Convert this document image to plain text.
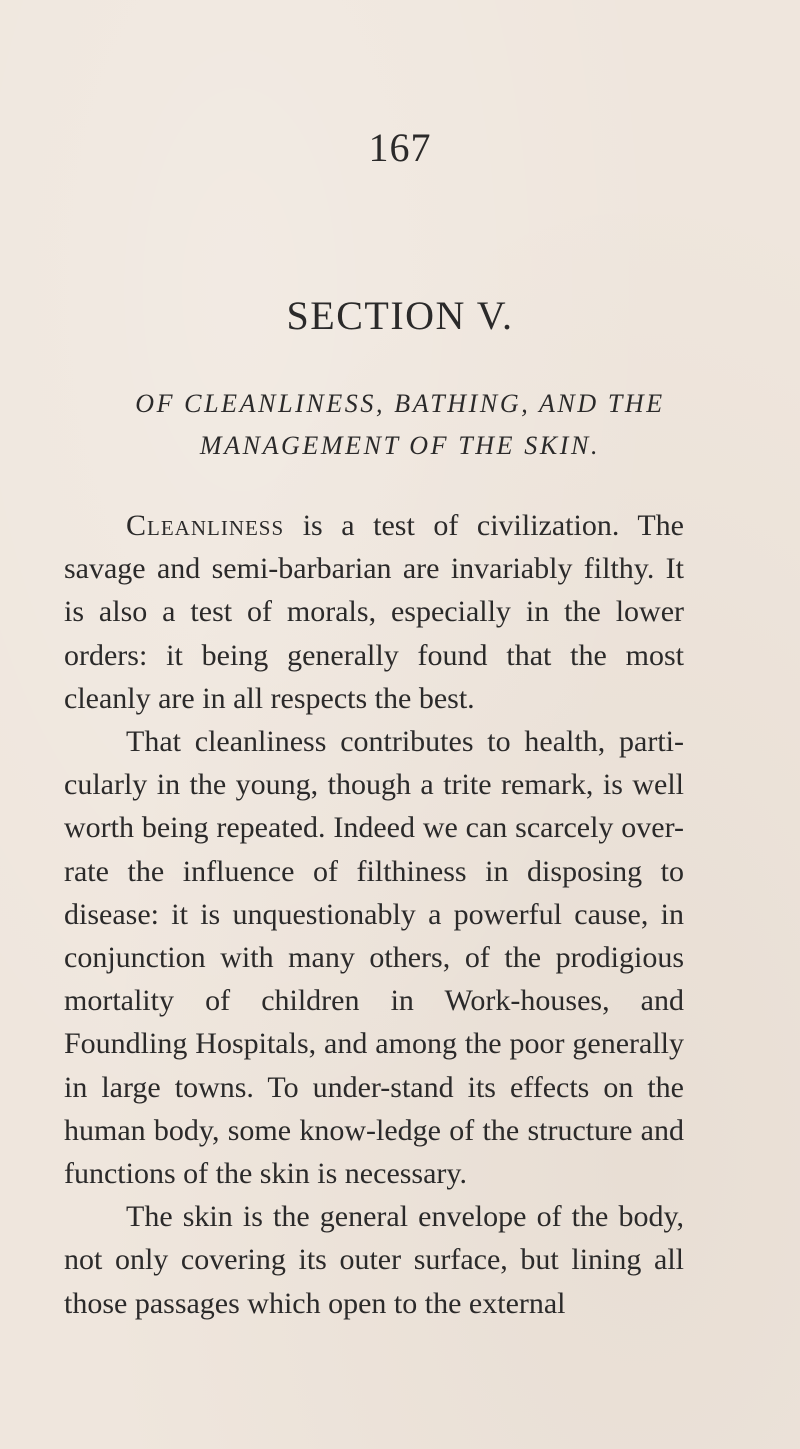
167
SECTION V.
OF CLEANLINESS, BATHING, AND THE
MANAGEMENT OF THE SKIN.

Cleanliness is a test of civilization. The savage and semi-barbarian are invariably filthy. It is also a test of morals, especially in the lower orders: it being generally found that the most cleanly are in all respects the best.

That cleanliness contributes to health, parti-cularly in the young, though a trite remark, is well worth being repeated. Indeed we can scarcely over-rate the influence of filthiness in disposing to disease: it is unquestionably a powerful cause, in conjunction with many others, of the prodigious mortality of children in Work-houses, and Foundling Hospitals, and among the poor generally in large towns. To under-stand its effects on the human body, some know-ledge of the structure and functions of the skin is necessary.

The skin is the general envelope of the body, not only covering its outer surface, but lining all those passages which open to the external
